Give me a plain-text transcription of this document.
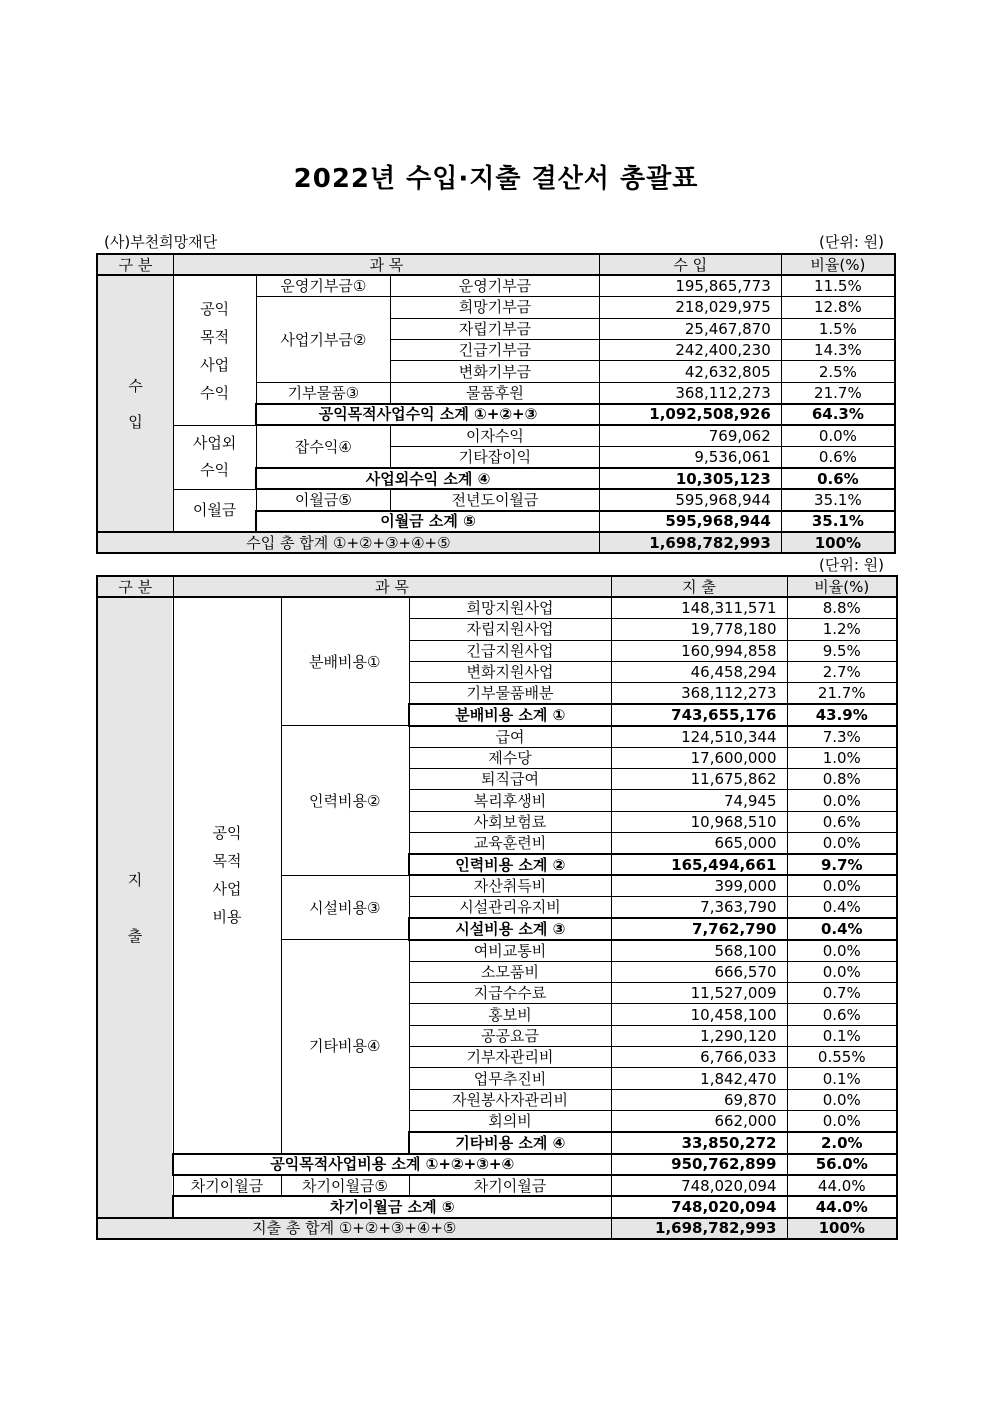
2022년 수입·지출 결산서 총괄표
(사)부천희망재단	(단위: 원)
구 분	과 목			수 입	비율(%)
수

입	공익
목적
사업
수익	운영기부금①	운영기부금	195,865,773	11.5%
		사업기부금②	희망기부금	218,029,975	12.8%
			자립기부금	25,467,870	1.5%
			긴급기부금	242,400,230	14.3%
			변화기부금	42,632,805	2.5%
		기부물품③	물품후원	368,112,273	21.7%
		공익목적사업수익 소계 ①+②+③		1,092,508,926	64.3%
	사업외
수익	잡수익④	이자수익	769,062	0.0%
			기타잡이익	9,536,061	0.6%
		사업외수익 소계 ④		10,305,123	0.6%
	이월금	이월금⑤	전년도이월금	595,968,944	35.1%
		이월금 소계 ⑤		595,968,944	35.1%
수입 총 합계 ①+②+③+④+⑤				1,698,782,993	100%
(단위: 원)
구 분	과 목			지 출	비율(%)
지

출	공익
목적
사업
비용	분배비용①	희망지원사업	148,311,571	8.8%
			자립지원사업	19,778,180	1.2%
			긴급지원사업	160,994,858	9.5%
			변화지원사업	46,458,294	2.7%
			기부물품배분	368,112,273	21.7%
			분배비용 소계 ①	743,655,176	43.9%
		인력비용②	급여	124,510,344	7.3%
			제수당	17,600,000	1.0%
			퇴직급여	11,675,862	0.8%
			복리후생비	74,945	0.0%
			사회보험료	10,968,510	0.6%
			교육훈련비	665,000	0.0%
			인력비용 소계 ②	165,494,661	9.7%
		시설비용③	자산취득비	399,000	0.0%
			시설관리유지비	7,363,790	0.4%
			시설비용 소계 ③	7,762,790	0.4%
		기타비용④	여비교통비	568,100	0.0%
			소모품비	666,570	0.0%
			지급수수료	11,527,009	0.7%
			홍보비	10,458,100	0.6%
			공공요금	1,290,120	0.1%
			기부자관리비	6,766,033	0.55%
			업무추진비	1,842,470	0.1%
			자원봉사자관리비	69,870	0.0%
			회의비	662,000	0.0%
			기타비용 소계 ④	33,850,272	2.0%
	공익목적사업비용 소계 ①+②+③+④			950,762,899	56.0%
	차기이월금	차기이월금⑤	차기이월금	748,020,094	44.0%
	차기이월금 소계 ⑤			748,020,094	44.0%
지출 총 합계 ①+②+③+④+⑤				1,698,782,993	100%
